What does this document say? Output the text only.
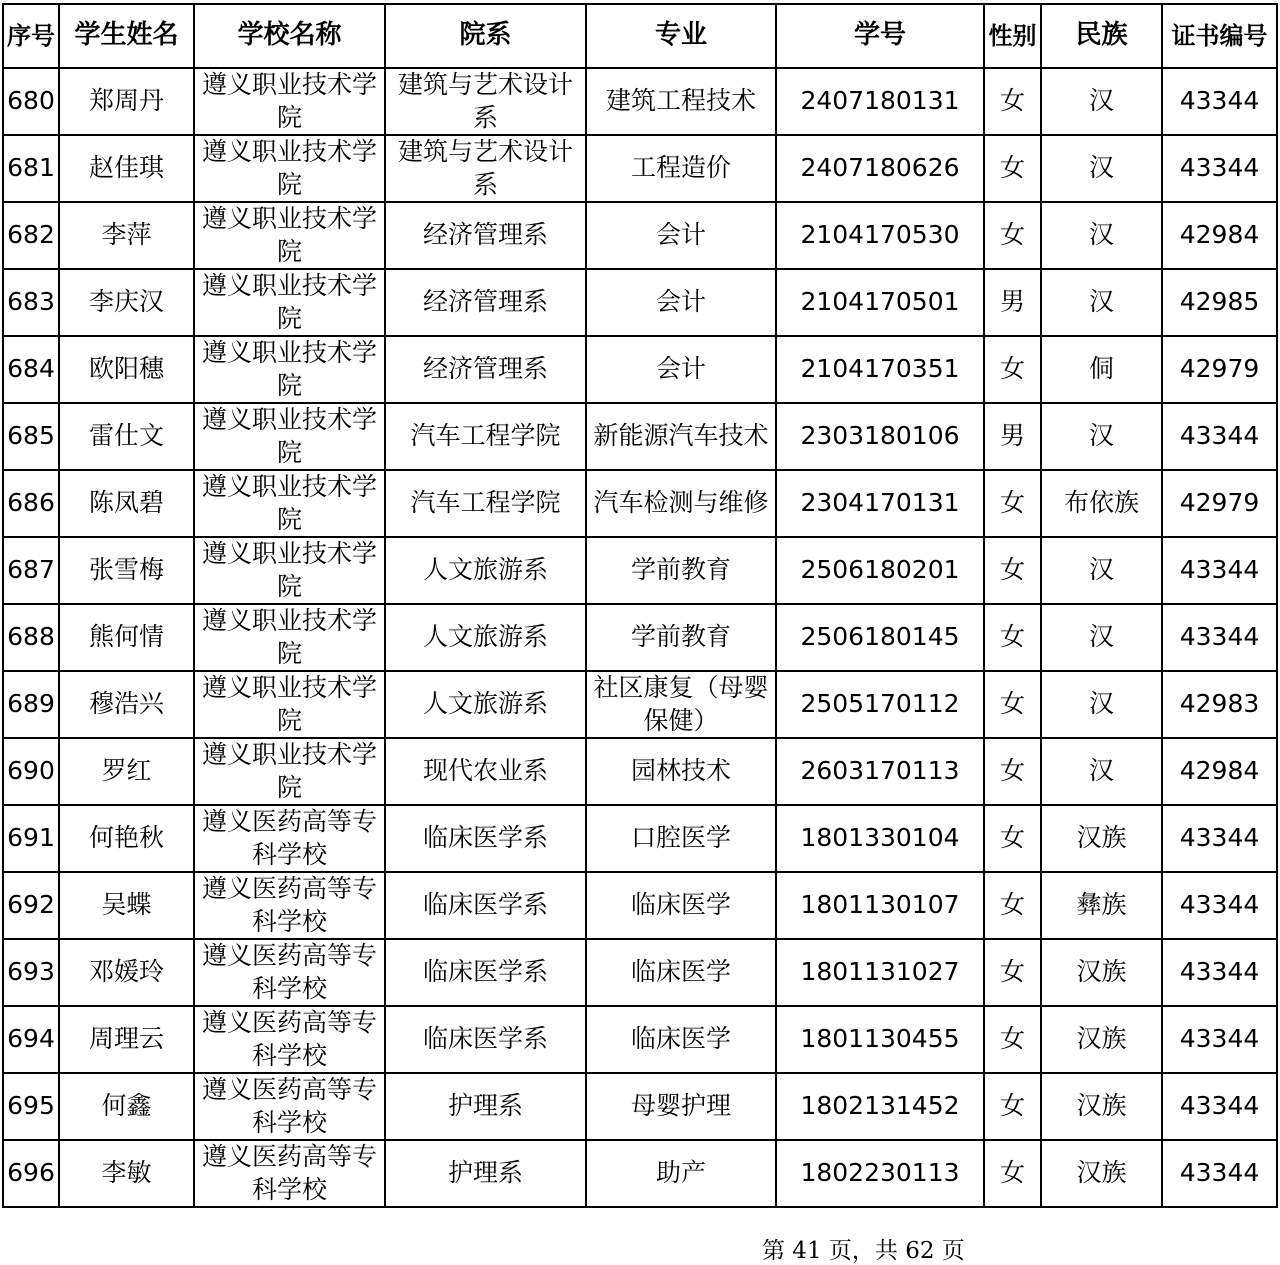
序号	学生姓名	学校名称	院系	专业	学号	性别	民族	证书编号
680	郑周丹	遵义职业技术学院	建筑与艺术设计系	建筑工程技术	2407180131	女	汉	43344
681	赵佳琪	遵义职业技术学院	建筑与艺术设计系	工程造价	2407180626	女	汉	43344
682	李萍	遵义职业技术学院	经济管理系	会计	2104170530	女	汉	42984
683	李庆汉	遵义职业技术学院	经济管理系	会计	2104170501	男	汉	42985
684	欧阳穗	遵义职业技术学院	经济管理系	会计	2104170351	女	侗	42979
685	雷仕文	遵义职业技术学院	汽车工程学院	新能源汽车技术	2303180106	男	汉	43344
686	陈凤碧	遵义职业技术学院	汽车工程学院	汽车检测与维修	2304170131	女	布依族	42979
687	张雪梅	遵义职业技术学院	人文旅游系	学前教育	2506180201	女	汉	43344
688	熊何情	遵义职业技术学院	人文旅游系	学前教育	2506180145	女	汉	43344
689	穆浩兴	遵义职业技术学院	人文旅游系	社区康复（母婴保健）	2505170112	女	汉	42983
690	罗红	遵义职业技术学院	现代农业系	园林技术	2603170113	女	汉	42984
691	何艳秋	遵义医药高等专科学校	临床医学系	口腔医学	1801330104	女	汉族	43344
692	吴蝶	遵义医药高等专科学校	临床医学系	临床医学	1801130107	女	彝族	43344
693	邓媛玲	遵义医药高等专科学校	临床医学系	临床医学	1801131027	女	汉族	43344
694	周理云	遵义医药高等专科学校	临床医学系	临床医学	1801130455	女	汉族	43344
695	何鑫	遵义医药高等专科学校	护理系	母婴护理	1802131452	女	汉族	43344
696	李敏	遵义医药高等专科学校	护理系	助产	1802230113	女	汉族	43344
第 41 页，共 62 页
